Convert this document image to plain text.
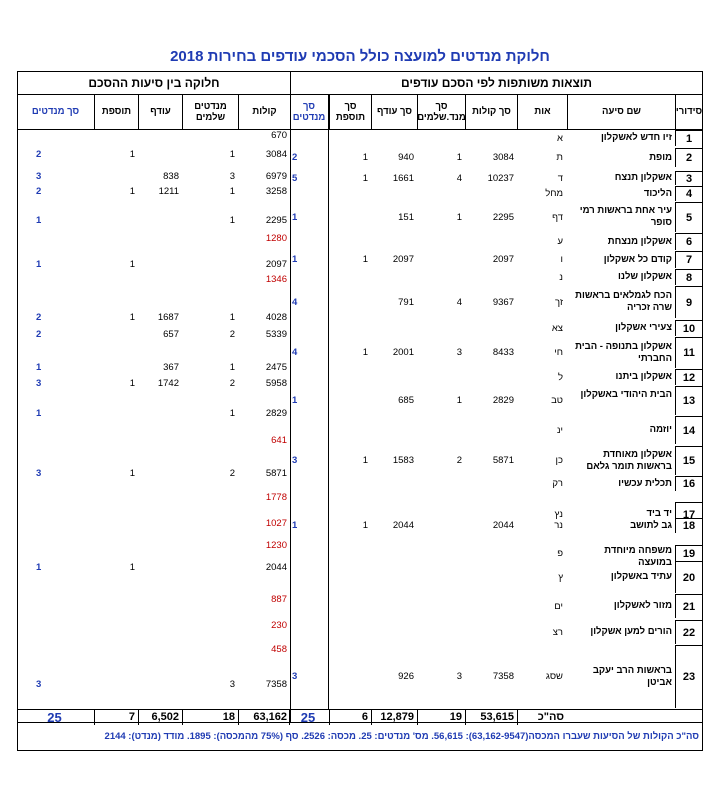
חלוקת מנדטים למועצה כולל הסכמי עודפים בחירות 2018
תוצאות משותפות לפי הסכם עודפים
סידורי
שם סיעה
אות
סך קולות
סך מנד.שלמים
סך עודף
סך תוספת
סך מנדטים
1
זיו חדש לאשקלון
א
2
מופת
ת
3084
1
940
1
2
3
אשקלון תנצח
ד
10237
4
1661
1
5
4
הליכוד
מחל
5
עיר אחת בראשות רמי סופר
דף
2295
1
151
1
6
אשקלון מנצחת
ע
7
קודם כל אשקלון
ו
2097
2097
1
1
8
אשקלון שלנו
נ
9
הכח לגמלאים בראשות שרה זכריה
זך
9367
4
791
4
10
צעירי אשקלון
צא
11
אשקלון בתנופה - הבית החברתי
חי
8433
3
2001
1
4
12
אשקלון ביתנו
ל
13
הבית היהודי באשקלון
טב
2829
1
685
1
14
יוזמה
ינ
15
אשקלון מאוחדת בראשות תומר גלאם
כן
5871
2
1583
1
3
16
תכלית עכשיו
רק
17
יד ביד
נץ
18
גב לתושב
נר
2044
2044
1
1
19
משפחה מיוחדת במועצה
פ
20
עתיד באשקלון
ץ
21
מזור לאשקלון
ים
22
הורים למען אשקלון
רצ
23
בראשות הרב יעקב אביטן
שסג
7358
3
926
3
53,615
19
12,879
6
25	סה"כ
חלוקה בין סיעות ההסכם
קולות
מנדטים שלמים
עודף
תוספת
סך מנדטים
670
3084
1
1
2
6979
3
838
3
3258
1
1211
1
2
2295
1
1
1280
2097
1
1
1346
4028
1
1687
1
2
5339
2
657
2
2475
1
367
1
5958
2
1742
1
3
2829
1
1
641
5871
2
1
3
1778
1027
1230
2044
1
1
887
230
458
7358
3
3
63,162
18
6,502
7
25
סה"כ הקולות של הסיעות שעברו המכסה(63,162-9547): 56,615. מס' מנדטים: 25. מכסה: 2526. סף (75% מהמכסה): 1895. מודד (מנדט): 2144
